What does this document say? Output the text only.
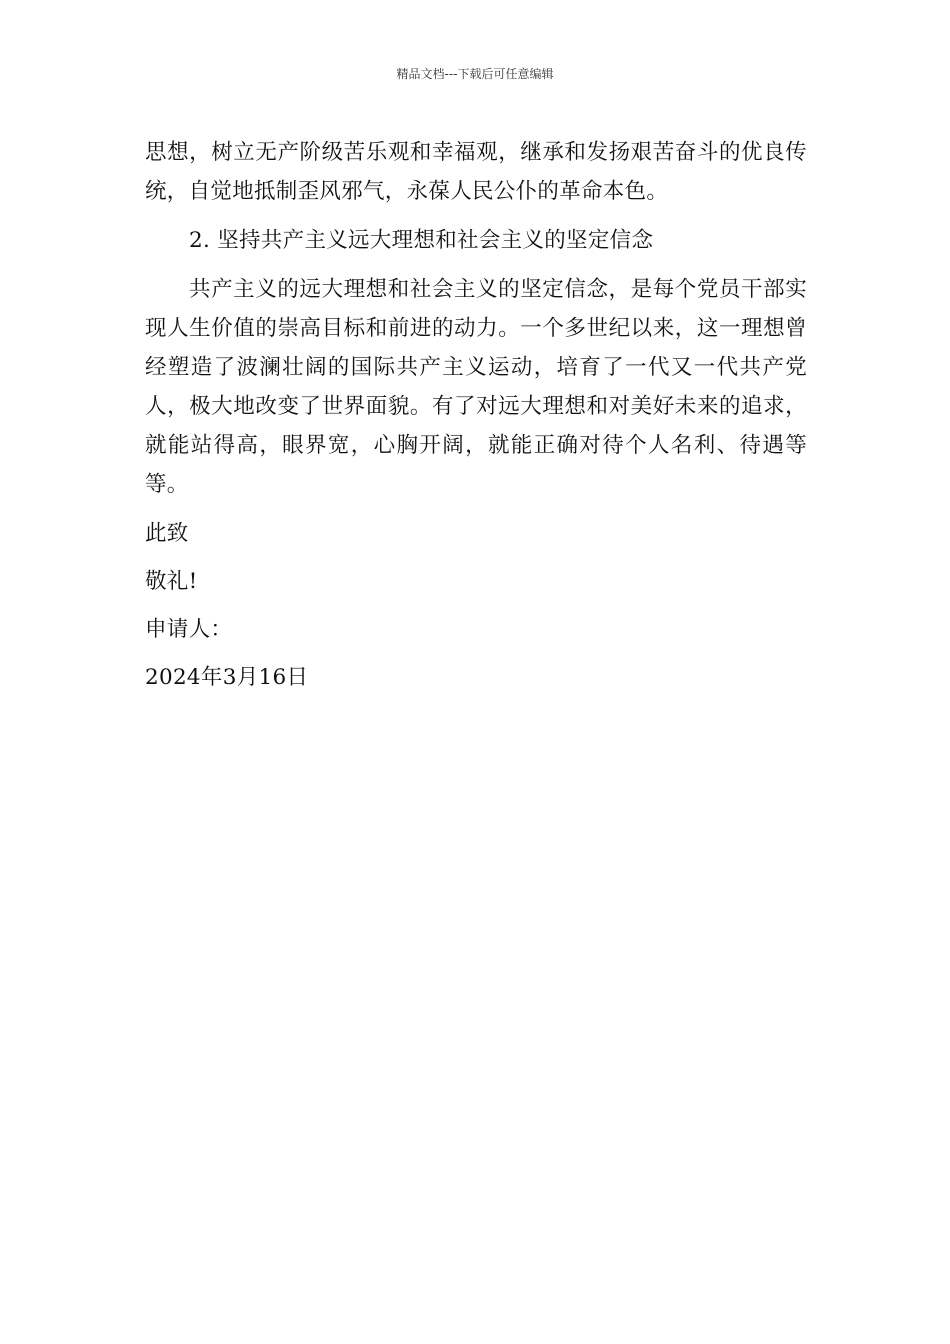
精品文档---下载后可任意编辑

思想，树立无产阶级苦乐观和幸福观，继承和发扬艰苦奋斗的优良传统，自觉地抵制歪风邪气，永葆人民公仆的革命本色。

2. 坚持共产主义远大理想和社会主义的坚定信念

共产主义的远大理想和社会主义的坚定信念，是每个党员干部实现人生价值的崇高目标和前进的动力。一个多世纪以来，这一理想曾经塑造了波澜壮阔的国际共产主义运动，培育了一代又一代共产党人，极大地改变了世界面貌。有了对远大理想和对美好未来的追求，就能站得高，眼界宽，心胸开阔，就能正确对待个人名利、待遇等等。

此致

敬礼!

申请人：

2024年3月16日
